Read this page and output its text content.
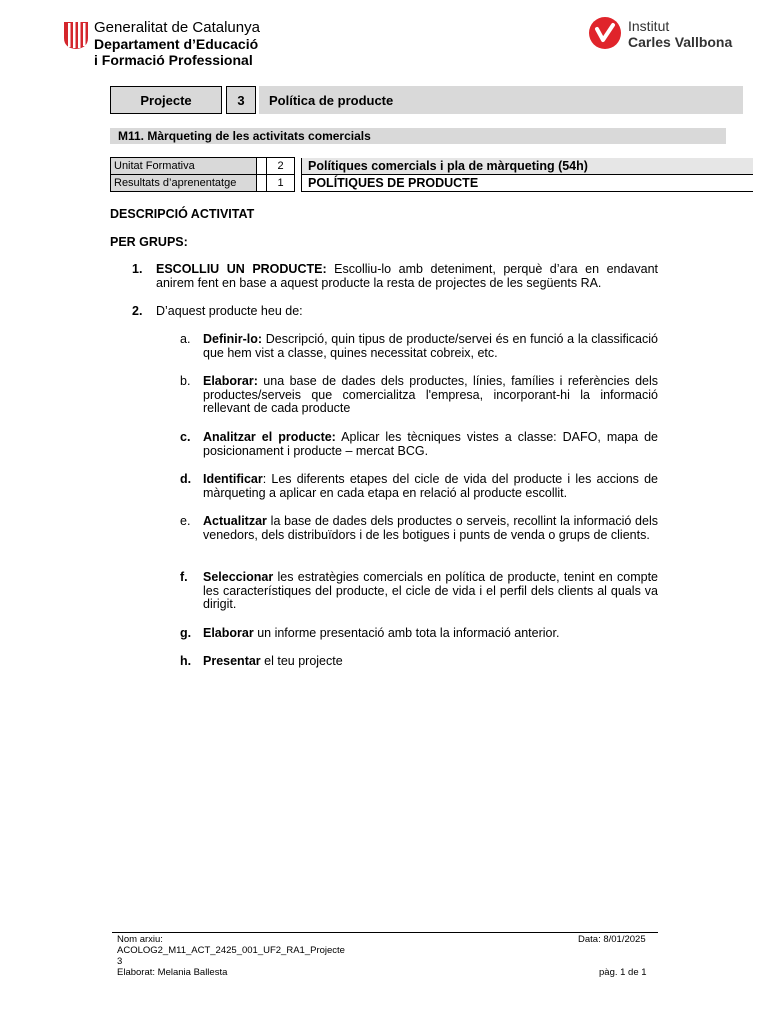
Generalitat de Catalunya
Departament d’Educació
i Formació Professional
Institut
Carles Vallbona
Projecte	3	Política de producte
M11. Màrqueting de les activitats comercials
Unitat Formativa		2		Polítiques comercials i pla de màrqueting (54h)
Resultats d’aprenentatge		1		POLÍTIQUES DE PRODUCTE
DESCRIPCIÓ ACTIVITAT
PER GRUPS:
1. ESCOLLIU UN PRODUCTE: Escolliu-lo amb deteniment, perquè d’ara en endavant anirem fent en base a aquest producte la resta de projectes de les següents RA.
2. D’aquest producte heu de:
a. Definir-lo: Descripció, quin tipus de producte/servei és en funció a la classificació que hem vist a classe, quines necessitat cobreix, etc.
b. Elaborar: una base de dades dels productes, línies, famílies i referències dels productes/serveis que comercialitza l'empresa, incorporant-hi la informació rellevant de cada producte
c. Analitzar el producte: Aplicar les tècniques vistes a classe: DAFO, mapa de posicionament i producte – mercat BCG.
d. Identificar: Les diferents etapes del cicle de vida del producte i les accions de màrqueting a aplicar en cada etapa en relació al producte escollit.
e. Actualitzar la base de dades dels productes o serveis, recollint la informació dels venedors, dels distribuïdors i de les botigues i punts de venda o grups de clients.
f. Seleccionar les estratègies comercials en política de producte, tenint en compte les característiques del producte, el cicle de vida i el perfil dels clients al quals va dirigit.
g. Elaborar un informe presentació amb tota la informació anterior.
h. Presentar el teu projecte
Nom arxiu:
ACOLOG2_M11_ACT_2425_001_UF2_RA1_Projecte
3
Elaborat: Melania Ballesta
Data: 8/01/2025
pàg. 1 de 1
